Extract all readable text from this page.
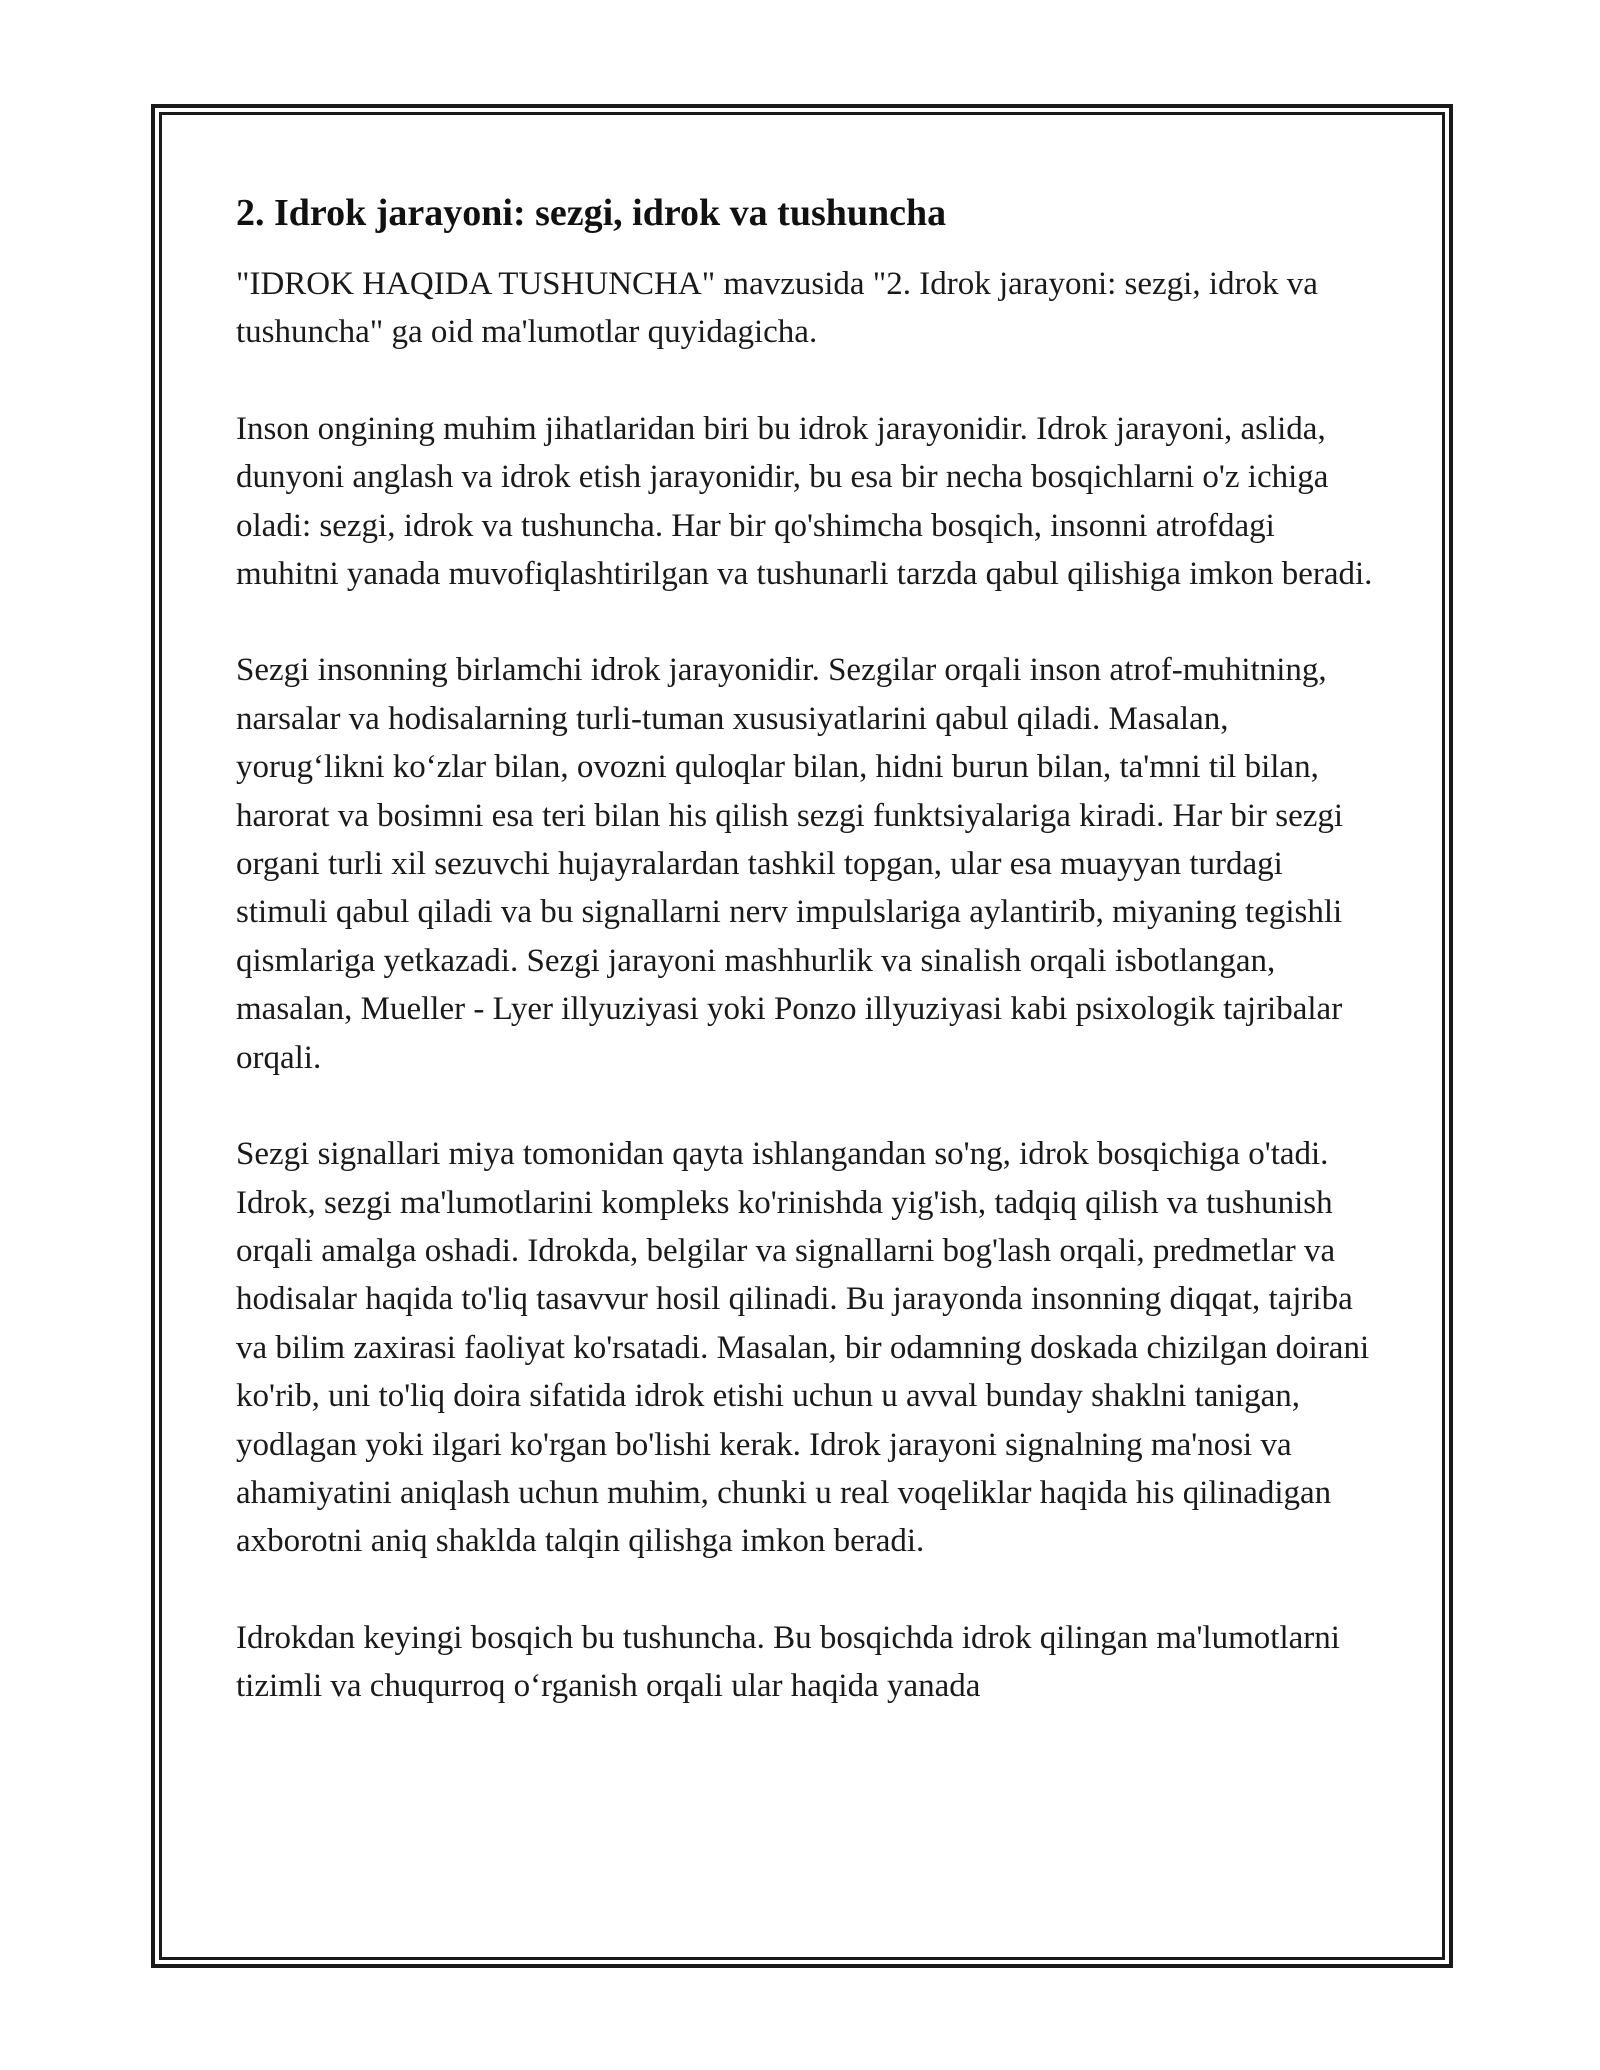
2. Idrok jarayoni: sezgi, idrok va tushuncha

"IDROK HAQIDA TUSHUNCHA" mavzusida "2. Idrok jarayoni: sezgi, idrok va tushuncha" ga oid ma'lumotlar quyidagicha.

Inson ongining muhim jihatlaridan biri bu idrok jarayonidir. Idrok jarayoni, aslida, dunyoni anglash va idrok etish jarayonidir, bu esa bir necha bosqichlarni o'z ichiga oladi: sezgi, idrok va tushuncha. Har bir qo'shimcha bosqich, insonni atrofdagi muhitni yanada muvofiqlashtirilgan va tushunarli tarzda qabul qilishiga imkon beradi.

Sezgi insonning birlamchi idrok jarayonidir. Sezgilar orqali inson atrof-muhitning, narsalar va hodisalarning turli-tuman xususiyatlarini qabul qiladi. Masalan, yorug‘likni ko‘zlar bilan, ovozni quloqlar bilan, hidni burun bilan, ta'mni til bilan, harorat va bosimni esa teri bilan his qilish sezgi funktsiyalariga kiradi. Har bir sezgi organi turli xil sezuvchi hujayralardan tashkil topgan, ular esa muayyan turdagi stimuli qabul qiladi va bu signallarni nerv impulslariga aylantirib, miyaning tegishli qismlariga yetkazadi. Sezgi jarayoni mashhurlik va sinalish orqali isbotlangan, masalan, Mueller - Lyer illyuziyasi yoki Ponzo illyuziyasi kabi psixologik tajribalar orqali.

Sezgi signallari miya tomonidan qayta ishlangandan so'ng, idrok bosqichiga o'tadi. Idrok, sezgi ma'lumotlarini kompleks ko'rinishda yig'ish, tadqiq qilish va tushunish orqali amalga oshadi. Idrokda, belgilar va signallarni bog'lash orqali, predmetlar va hodisalar haqida to'liq tasavvur hosil qilinadi. Bu jarayonda insonning diqqat, tajriba va bilim zaxirasi faoliyat ko'rsatadi. Masalan, bir odamning doskada chizilgan doirani ko'rib, uni to'liq doira sifatida idrok etishi uchun u avval bunday shaklni tanigan, yodlagan yoki ilgari ko'rgan bo'lishi kerak. Idrok jarayoni signalning ma'nosi va ahamiyatini aniqlash uchun muhim, chunki u real voqeliklar haqida his qilinadigan axborotni aniq shaklda talqin qilishga imkon beradi.

Idrokdan keyingi bosqich bu tushuncha. Bu bosqichda idrok qilingan ma'lumotlarni tizimli va chuqurroq o‘rganish orqali ular haqida yanada
